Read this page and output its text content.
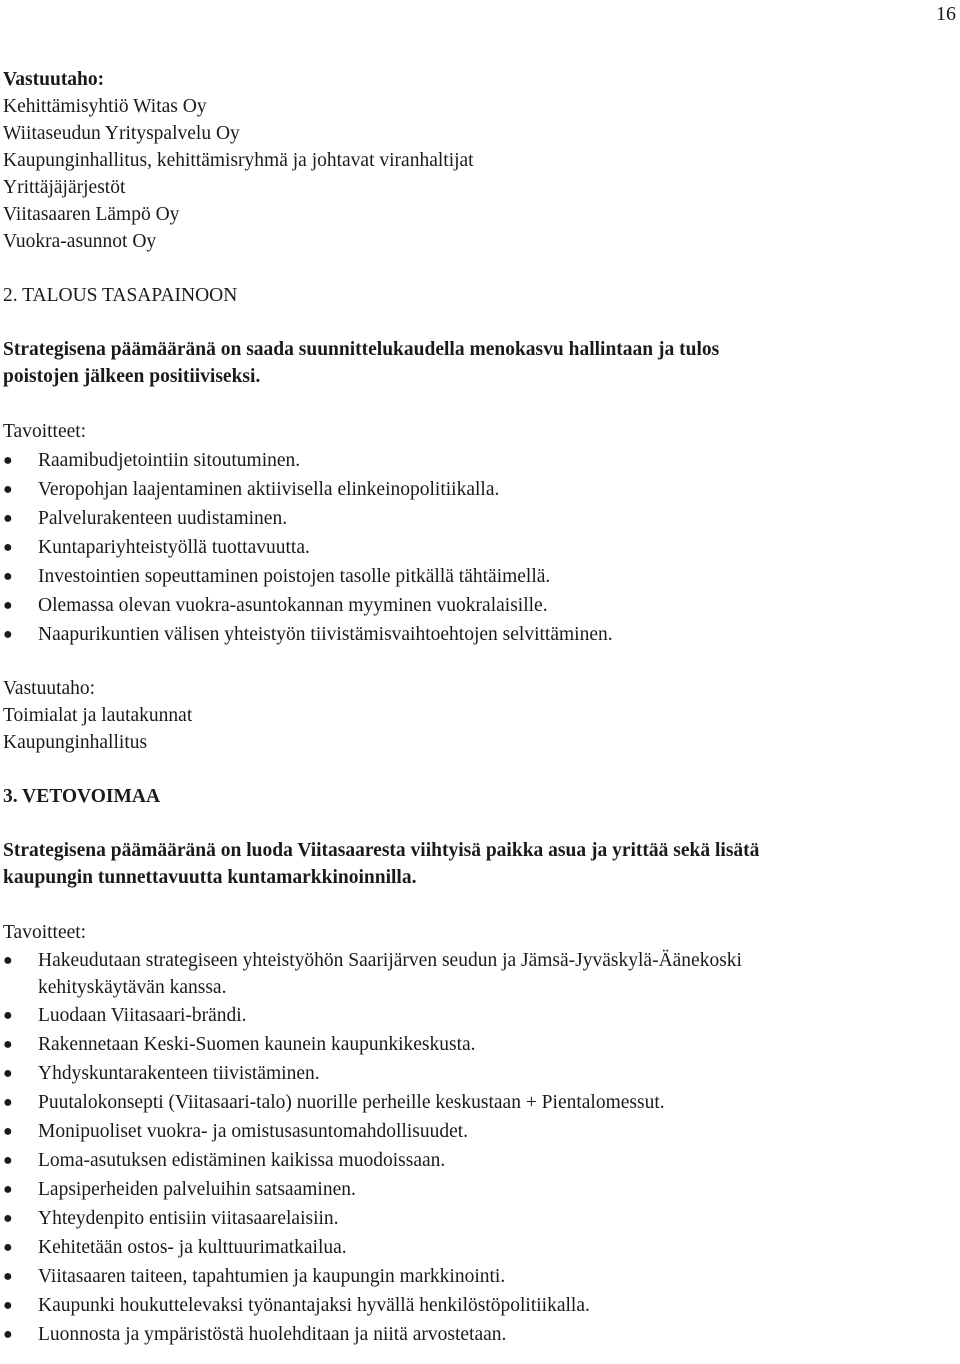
16

Vastuutaho:

Kehittämisyhtiö Witas Oy

Wiitaseudun Yrityspalvelu Oy

Kaupunginhallitus, kehittämisryhmä ja johtavat viranhaltijat

Yrittäjäjärjestöt

Viitasaaren Lämpö Oy

Vuokra-asunnot Oy

2. TALOUS TASAPAINOON

Strategisena päämääränä on saada suunnittelukaudella menokasvu hallintaan ja tulos
poistojen jälkeen positiiviseksi.

Tavoitteet:

●	Raamibudjetointiin sitoutuminen.
●	Veropohjan laajentaminen aktiivisella elinkeinopolitiikalla.
●	Palvelurakenteen uudistaminen.
●	Kuntapariyhteistyöllä tuottavuutta.
●	Investointien sopeuttaminen poistojen tasolle pitkällä tähtäimellä.
●	Olemassa olevan vuokra-asuntokannan myyminen vuokralaisille.
●	Naapurikuntien välisen yhteistyön tiivistämisvaihtoehtojen selvittäminen.

Vastuutaho:

Toimialat ja lautakunnat

Kaupunginhallitus

3. VETOVOIMAA

Strategisena päämääränä on luoda Viitasaaresta viihtyisä paikka asua ja yrittää sekä lisätä
kaupungin tunnettavuutta kuntamarkkinoinnilla.

Tavoitteet:

●	Hakeudutaan strategiseen yhteistyöhön Saarijärven seudun ja Jämsä-Jyväskylä-Äänekoski
kehityskäytävän kanssa.
●	Luodaan Viitasaari-brändi.
●	Rakennetaan Keski-Suomen kaunein kaupunkikeskusta.
●	Yhdyskuntarakenteen tiivistäminen.
●	Puutalokonsepti (Viitasaari-talo) nuorille perheille keskustaan + Pientalomessut.
●	Monipuoliset vuokra- ja omistusasuntomahdollisuudet.
●	Loma-asutuksen edistäminen kaikissa muodoissaan.
●	Lapsiperheiden palveluihin satsaaminen.
●	Yhteydenpito entisiin viitasaarelaisiin.
●	Kehitetään ostos- ja kulttuurimatkailua.
●	Viitasaaren taiteen, tapahtumien ja kaupungin markkinointi.
●	Kaupunki houkuttelevaksi työnantajaksi hyvällä henkilöstöpolitiikalla.
●	Luonnosta ja ympäristöstä huolehditaan ja niitä arvostetaan.
